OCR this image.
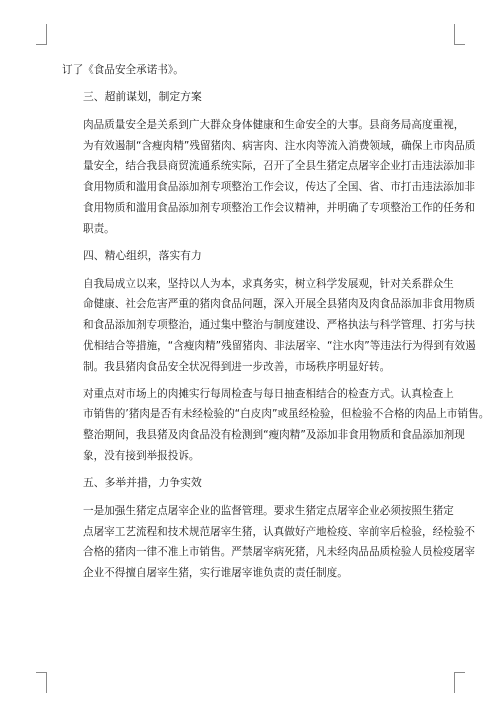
订了《食品安全承诺书》。

三、超前谋划，制定方案

肉品质量安全是关系到广大群众身体健康和生命安全的大事。县商务局高度重视，
为有效遏制“含瘦肉精”残留猪肉、病害肉、注水肉等流入消费领域，确保上市肉品质
量安全，结合我县商贸流通系统实际，召开了全县生猪定点屠宰企业打击违法添加非
食用物质和滥用食品添加剂专项整治工作会议，传达了全国、省、市打击违法添加非
食用物质和滥用食品添加剂专项整治工作会议精神，并明确了专项整治工作的任务和
职责。

四、精心组织，落实有力

自我局成立以来，坚持以人为本，求真务实，树立科学发展观，针对关系群众生
命健康、社会危害严重的猪肉食品问题，深入开展全县猪肉及肉食品添加非食用物质
和食品添加剂专项整治，通过集中整治与制度建设、严格执法与科学管理、打劣与扶
优相结合等措施，“含瘦肉精”残留猪肉、非法屠宰、“注水肉”等违法行为得到有效遏
制。我县猪肉食品安全状况得到进一步改善，市场秩序明显好转。

对重点对市场上的肉摊实行每周检查与每日抽查相结合的检查方式。认真检查上
市销售的’猪肉是否有未经检验的“白皮肉”或虽经检验，但检验不合格的肉品上市销售。
整治期间，我县猪及肉食品没有检测到“瘦肉精”及添加非食用物质和食品添加剂现
象，没有接到举报投诉。

五、多举并措，力争实效

一是加强生猪定点屠宰企业的监督管理。要求生猪定点屠宰企业必须按照生猪定
点屠宰工艺流程和技术规范屠宰生猪，认真做好产地检疫、宰前宰后检验，经检验不
合格的猪肉一律不准上市销售。严禁屠宰病死猪，凡未经肉品品质检验人员检疫屠宰
企业不得擅自屠宰生猪，实行谁屠宰谁负责的责任制度。
